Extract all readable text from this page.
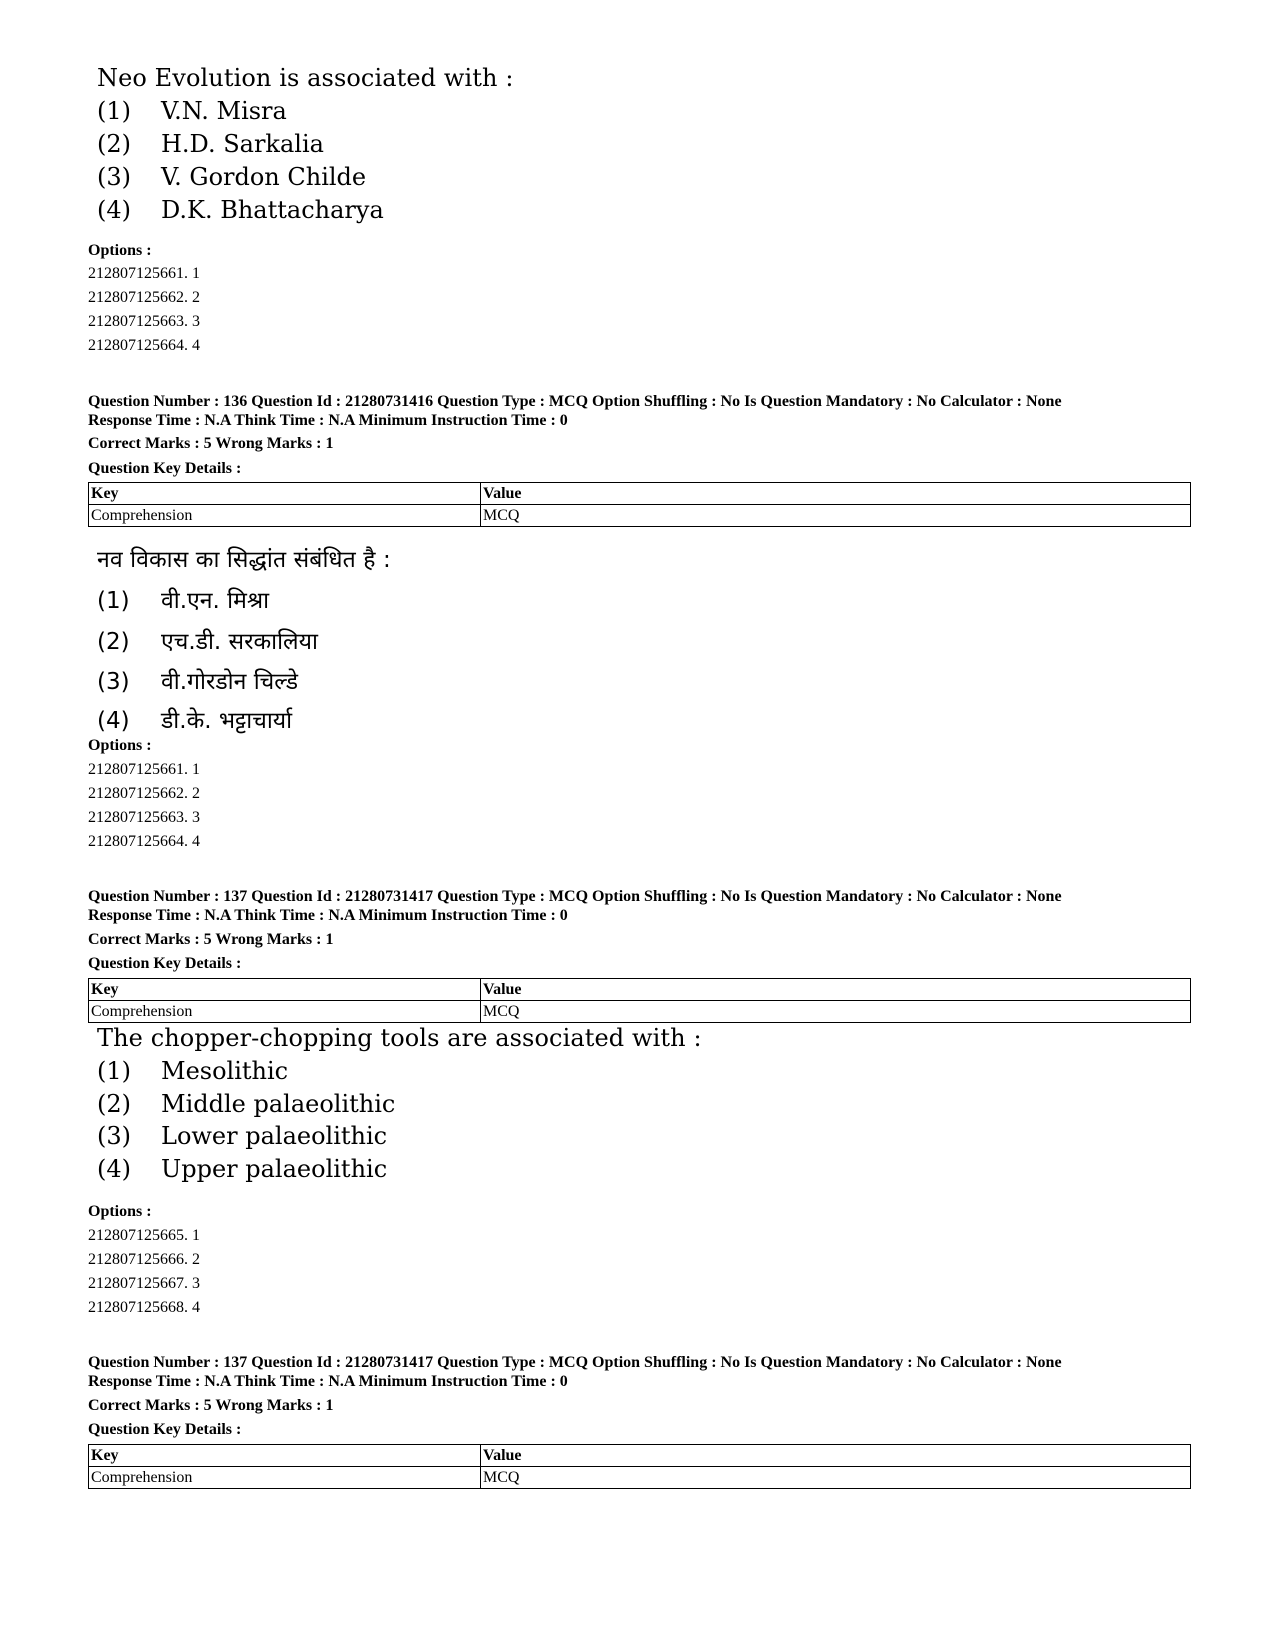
Neo Evolution is associated with :
(1) V.N. Misra
(2) H.D. Sarkalia
(3) V. Gordon Childe
(4) D.K. Bhattacharya
Options :
212807125661. 1
212807125662. 2
212807125663. 3
212807125664. 4
Question Number : 136 Question Id : 21280731416 Question Type : MCQ Option Shuffling : No Is Question Mandatory : No Calculator : None
Response Time : N.A Think Time : N.A Minimum Instruction Time : 0
Correct Marks : 5 Wrong Marks : 1
Question Key Details :
Key	Value
Comprehension	MCQ
नव विकास का सिद्धांत संबंधित है :
(1) वी.एन. मिश्रा
(2) एच.डी. सरकालिया
(3) वी.गोरडोन चिल्डे
(4) डी.के. भट्टाचार्या
Options :
212807125661. 1
212807125662. 2
212807125663. 3
212807125664. 4
Question Number : 137 Question Id : 21280731417 Question Type : MCQ Option Shuffling : No Is Question Mandatory : No Calculator : None
Response Time : N.A Think Time : N.A Minimum Instruction Time : 0
Correct Marks : 5 Wrong Marks : 1
Question Key Details :
Key	Value
Comprehension	MCQ
The chopper-chopping tools are associated with :
(1) Mesolithic
(2) Middle palaeolithic
(3) Lower palaeolithic
(4) Upper palaeolithic
Options :
212807125665. 1
212807125666. 2
212807125667. 3
212807125668. 4
Question Number : 137 Question Id : 21280731417 Question Type : MCQ Option Shuffling : No Is Question Mandatory : No Calculator : None
Response Time : N.A Think Time : N.A Minimum Instruction Time : 0
Correct Marks : 5 Wrong Marks : 1
Question Key Details :
Key	Value
Comprehension	MCQ
